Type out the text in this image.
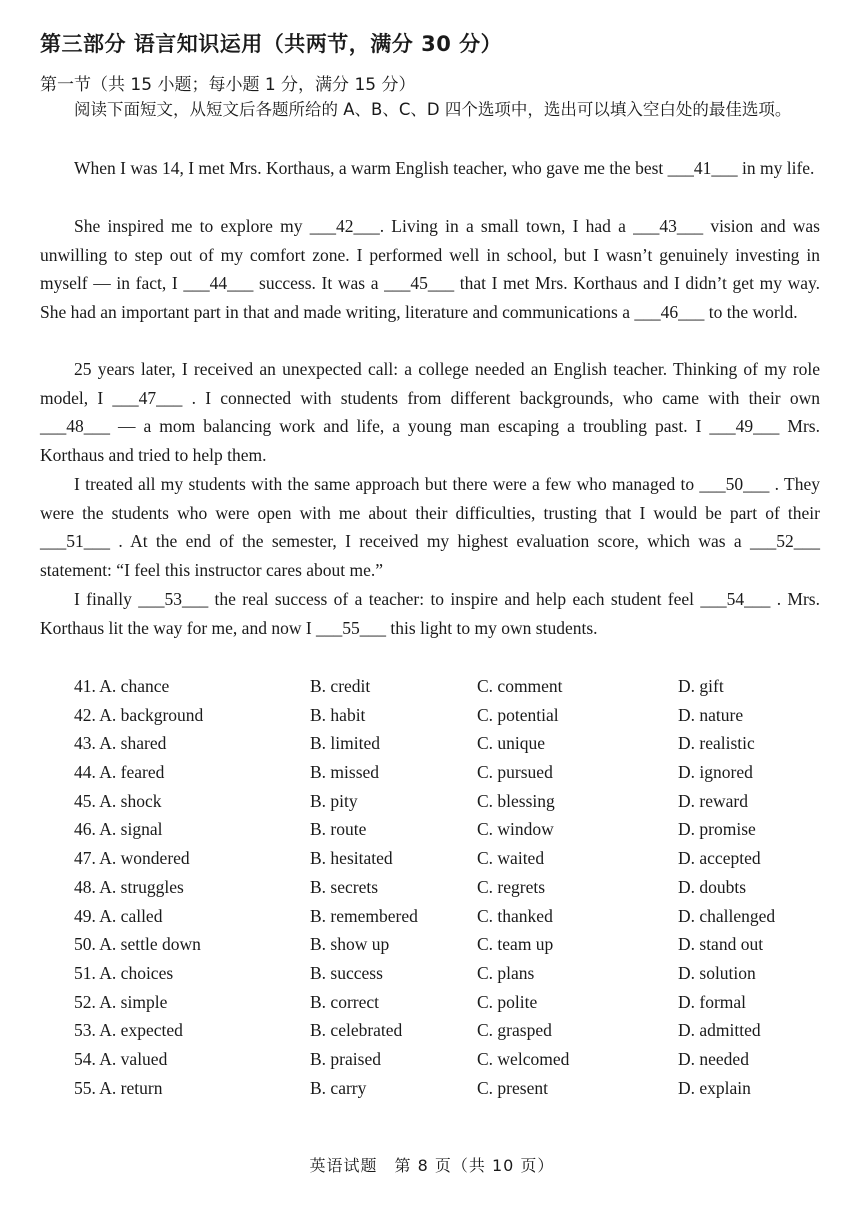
第三部分 语言知识运用（共两节，满分 30 分）
第一节（共 15 小题；每小题 1 分，满分 15 分）

阅读下面短文，从短文后各题所给的 A、B、C、D 四个选项中，选出可以填入空白处的最佳选项。

When I was 14, I met Mrs. Korthaus, a warm English teacher, who gave me the best ___41___ in my life.

She inspired me to explore my ___42___. Living in a small town, I had a ___43___ vision and was unwilling to step out of my comfort zone. I performed well in school, but I wasn’t genuinely investing in myself — in fact, I ___44___ success. It was a ___45___ that I met Mrs. Korthaus and I didn’t get my way. She had an important part in that and made writing, literature and communications a ___46___ to the world.

25 years later, I received an unexpected call: a college needed an English teacher. Thinking of my role model, I ___47___ . I connected with students from different backgrounds, who came with their own ___48___ — a mom balancing work and life, a young man escaping a troubling past. I ___49___ Mrs. Korthaus and tried to help them.

I treated all my students with the same approach but there were a few who managed to ___50___ . They were the students who were open with me about their difficulties, trusting that I would be part of their ___51___ . At the end of the semester, I received my highest evaluation score, which was a ___52___ statement: “I feel this instructor cares about me.”

I finally ___53___ the real success of a teacher: to inspire and help each student feel ___54___ . Mrs. Korthaus lit the way for me, and now I ___55___ this light to my own students.

41. A. chance	B. credit	C. comment	D. gift
42. A. background	B. habit	C. potential	D. nature
43. A. shared	B. limited	C. unique	D. realistic
44. A. feared	B. missed	C. pursued	D. ignored
45. A. shock	B. pity	C. blessing	D. reward
46. A. signal	B. route	C. window	D. promise
47. A. wondered	B. hesitated	C. waited	D. accepted
48. A. struggles	B. secrets	C. regrets	D. doubts
49. A. called	B. remembered	C. thanked	D. challenged
50. A. settle down	B. show up	C. team up	D. stand out
51. A. choices	B. success	C. plans	D. solution
52. A. simple	B. correct	C. polite	D. formal
53. A. expected	B. celebrated	C. grasped	D. admitted
54. A. valued	B. praised	C. welcomed	D. needed
55. A. return	B. carry	C. present	D. explain
英语试题　第 8 页（共 10 页）
